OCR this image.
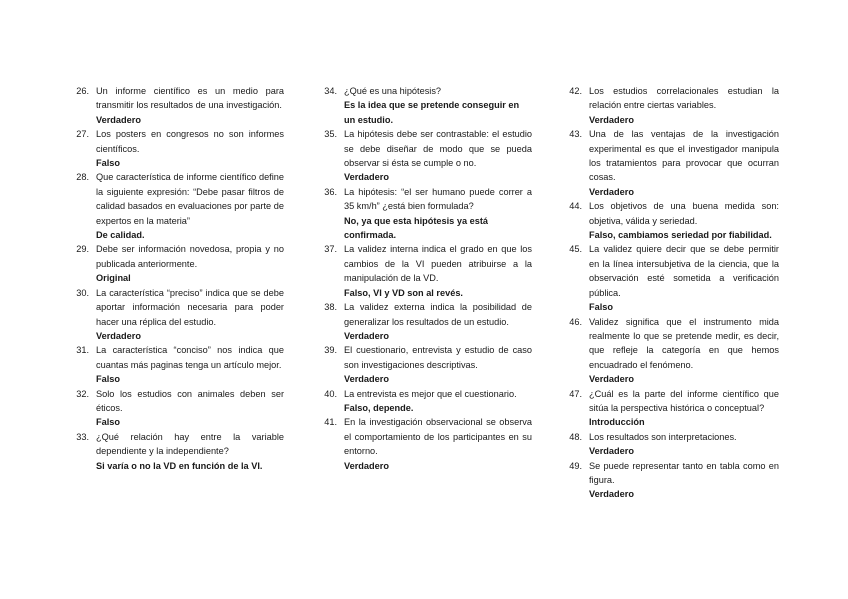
26. Un informe científico es un medio para transmitir los resultados de una investigación.
Verdadero
27. Los posters en congresos no son informes científicos.
Falso
28. Que característica de informe científico define la siguiente expresión: “Debe pasar filtros de calidad basados en evaluaciones por parte de expertos en la materia”
De calidad.
29. Debe ser información novedosa, propia y no publicada anteriormente.
Original
30. La característica “preciso” indica que se debe aportar información necesaria para poder hacer una réplica del estudio.
Verdadero
31. La característica “conciso” nos indica que cuantas más paginas tenga un artículo mejor.
Falso
32. Solo los estudios con animales deben ser éticos.
Falso
33. ¿Qué relación hay entre la variable dependiente y la independiente?
Si varía o no la VD en función de la VI.
34. ¿Qué es una hipótesis?
Es la idea que se pretende conseguir en un estudio.
35. La hipótesis debe ser contrastable: el estudio se debe diseñar de modo que se pueda observar si ésta se cumple o no.
Verdadero
36. La hipótesis: “el ser humano puede correr a 35 km/h” ¿está bien formulada?
No, ya que esta hipótesis ya está confirmada.
37. La validez interna indica el grado en que los cambios de la VI pueden atribuirse a la manipulación de la VD.
Falso, VI y VD son al revés.
38. La validez externa indica la posibilidad de generalizar los resultados de un estudio.
Verdadero
39. El cuestionario, entrevista y estudio de caso son investigaciones descriptivas.
Verdadero
40. La entrevista es mejor que el cuestionario.
Falso, depende.
41. En la investigación observacional se observa el comportamiento de los participantes en su entorno.
Verdadero
42. Los estudios correlacionales estudian la relación entre ciertas variables.
Verdadero
43. Una de las ventajas de la investigación experimental es que el investigador manipula los tratamientos para provocar que ocurran cosas.
Verdadero
44. Los objetivos de una buena medida son: objetiva, válida y seriedad.
Falso, cambiamos seriedad por fiabilidad.
45. La validez quiere decir que se debe permitir en la línea intersubjetiva de la ciencia, que la observación esté sometida a verificación pública.
Falso
46. Validez significa que el instrumento mida realmente lo que se pretende medir, es decir, que refleje la categoría en que hemos encuadrado el fenómeno.
Verdadero
47. ¿Cuál es la parte del informe científico que sitúa la perspectiva histórica o conceptual?
Introducción
48. Los resultados son interpretaciones.
Verdadero
49. Se puede representar tanto en tabla como en figura.
Verdadero
